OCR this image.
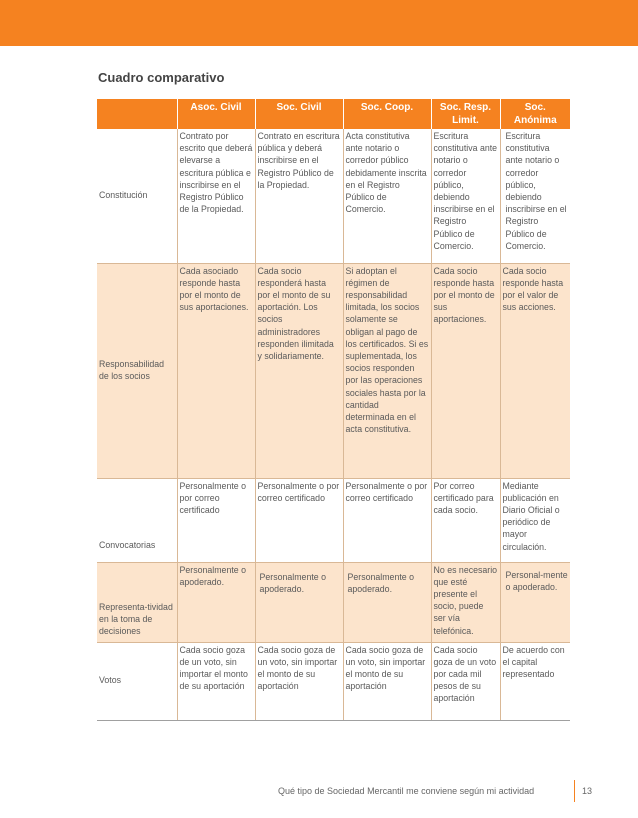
Cuadro comparativo
	Asoc. Civil	Soc. Civil	Soc. Coop.	Soc. Resp. Limit.	Soc. Anónima
Constitución	Contrato por escrito que deberá elevarse a escritura pública e inscribirse en el Registro Público de la Propiedad.	Contrato en escritura pública y deberá inscribirse en el Registro Público de la Propiedad.	Acta constitutiva ante notario o corredor público debidamente inscrita en el Registro Público de Comercio.	Escritura constitutiva ante notario o corredor público, debiendo inscribirse en el Registro Público de Comercio.	Escritura constitutiva ante notario o corredor público, debiendo inscribirse en el Registro Público de Comercio.
Responsabilidad de los socios	Cada asociado responde hasta por el monto de sus aportaciones.	Cada socio responderá hasta por el monto de su aportación. Los socios administradores responden ilimitada y solidariamente.	Si adoptan el régimen de responsabilidad limitada, los socios solamente se obligan al pago de los certificados. Si es suplementada, los socios responden por las operaciones sociales hasta por la cantidad determinada en el acta constitutiva.	Cada socio responde hasta por el monto de sus aportaciones.	Cada socio responde hasta por el valor de sus acciones.
Convocatorias	Personalmente o por correo certificado	Personalmente o por correo certificado	Personalmente o por correo certificado	Por correo certificado para cada socio.	Mediante publicación en Diario Oficial o periódico de mayor circulación.
Representa-tividad en la toma de decisiones	Personalmente o apoderado.	Personalmente o apoderado.	Personalmente o apoderado.	No es necesario que esté presente el socio, puede ser vía telefónica.	Personal-mente o apoderado.
Votos	Cada socio goza de un voto, sin importar el monto de su aportación	Cada socio goza de un voto, sin importar el monto de su aportación	Cada socio goza de un voto, sin importar el monto de su aportación	Cada socio goza de un voto por cada mil pesos de su aportación	De acuerdo con el capital representado
Qué tipo de Sociedad Mercantil me conviene según mi actividad	13
